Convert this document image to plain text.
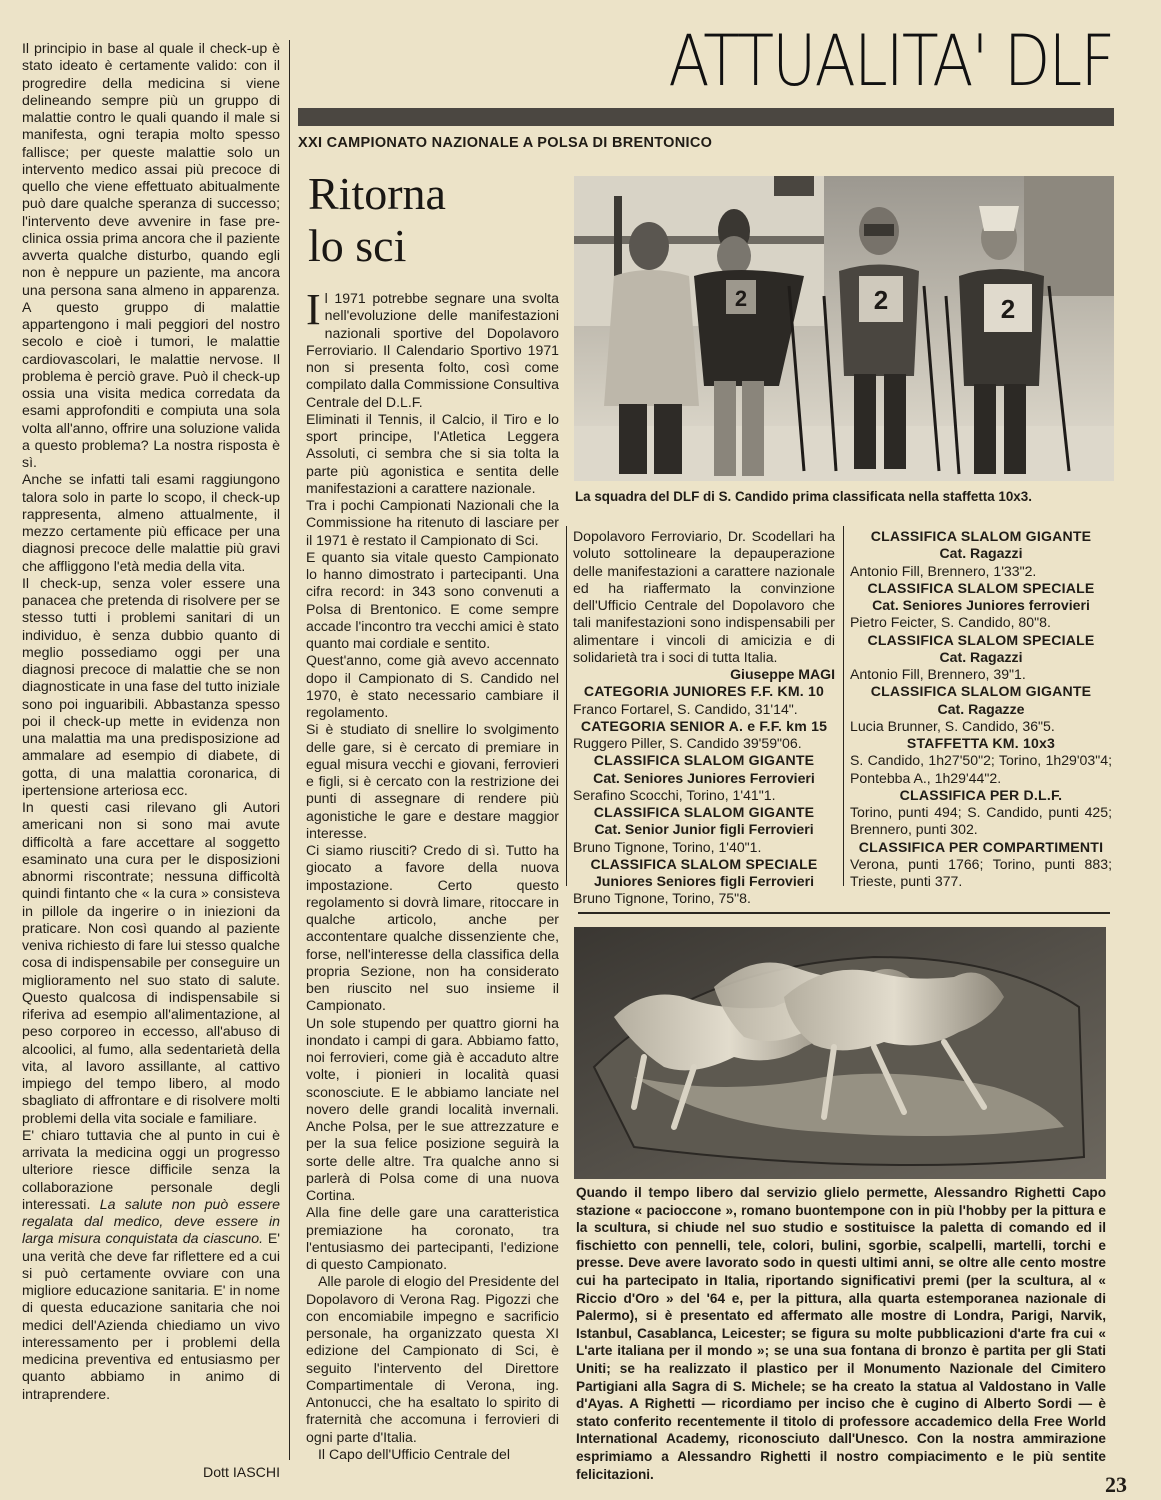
Il principio in base al quale il check-up è stato ideato è certamente valido: con il progredire della medicina si viene delineando sempre più un gruppo di malattie contro le quali quando il male si manifesta, ogni terapia molto spesso fallisce; per queste malattie solo un intervento medico assai più precoce di quello che viene effettuato abitualmente può dare qualche speranza di successo; l'intervento deve avvenire in fase pre-clinica ossia prima ancora che il paziente avverta qualche disturbo, quando egli non è neppure un paziente, ma ancora una persona sana almeno in apparenza. A questo gruppo di malattie appartengono i mali peggiori del nostro secolo e cioè i tumori, le malattie cardiovascolari, le malattie nervose. Il problema è perciò grave. Può il check-up ossia una visita medica corredata da esami approfonditi e compiuta una sola volta all'anno, offrire una soluzione valida a questo problema? La nostra risposta è sì.

Anche se infatti tali esami raggiungono talora solo in parte lo scopo, il check-up rappresenta, almeno attualmente, il mezzo certamente più efficace per una diagnosi precoce delle malattie più gravi che affliggono l'età media della vita.

Il check-up, senza voler essere una panacea che pretenda di risolvere per se stesso tutti i problemi sanitari di un individuo, è senza dubbio quanto di meglio possediamo oggi per una diagnosi precoce di malattie che se non diagnosticate in una fase del tutto iniziale sono poi inguaribili. Abbastanza spesso poi il check-up mette in evidenza non una malattia ma una predisposizione ad ammalare ad esempio di diabete, di gotta, di una malattia coronarica, di ipertensione arteriosa ecc.

In questi casi rilevano gli Autori americani non si sono mai avute difficoltà a fare accettare al soggetto esaminato una cura per le disposizioni abnormi riscontrate; nessuna difficoltà quindi fintanto che « la cura » consisteva in pillole da ingerire o in iniezioni da praticare. Non così quando al paziente veniva richiesto di fare lui stesso qualche cosa di indispensabile per conseguire un miglioramento nel suo stato di salute. Questo qualcosa di indispensabile si riferiva ad esempio all'alimentazione, al peso corporeo in eccesso, all'abuso di alcoolici, al fumo, alla sedentarietà della vita, al lavoro assillante, al cattivo impiego del tempo libero, al modo sbagliato di affrontare e di risolvere molti problemi della vita sociale e familiare.

E' chiaro tuttavia che al punto in cui è arrivata la medicina oggi un progresso ulteriore riesce difficile senza la collaborazione personale degli interessati. La salute non può essere regalata dal medico, deve essere in larga misura conquistata da ciascuno. E' una verità che deve far riflettere ed a cui si può certamente ovviare con una migliore educazione sanitaria. E' in nome di questa educazione sanitaria che noi medici dell'Azienda chiediamo un vivo interessamento per i problemi della medicina preventiva ed entusiasmo per quanto abbiamo in animo di intraprendere.

Dott IASCHI

ATTUALITA' DLF
XXI CAMPIONATO NAZIONALE A POLSA DI BRENTONICO
Ritorna
lo sci

Il 1971 potrebbe segnare una svolta nell'evoluzione delle manifestazioni nazionali sportive del Dopolavoro Ferroviario. Il Calendario Sportivo 1971 non si presenta folto, così come compilato dalla Commissione Consultiva Centrale del D.L.F.

Eliminati il Tennis, il Calcio, il Tiro e lo sport principe, l'Atletica Leggera Assoluti, ci sembra che si sia tolta la parte più agonistica e sentita delle manifestazioni a carattere nazionale.

Tra i pochi Campionati Nazionali che la Commissione ha ritenuto di lasciare per il 1971 è restato il Campionato di Sci.

E quanto sia vitale questo Campionato lo hanno dimostrato i partecipanti. Una cifra record: in 343 sono convenuti a Polsa di Brentonico. E come sempre accade l'incontro tra vecchi amici è stato quanto mai cordiale e sentito.

Quest'anno, come già avevo accennato dopo il Campionato di S. Candido nel 1970, è stato necessario cambiare il regolamento.

Si è studiato di snellire lo svolgimento delle gare, si è cercato di premiare in egual misura vecchi e giovani, ferrovieri e figli, si è cercato con la restrizione dei punti di assegnare di rendere più agonistiche le gare e destare maggior interesse.

Ci siamo riusciti? Credo di sì. Tutto ha giocato a favore della nuova impostazione. Certo questo regolamento si dovrà limare, ritoccare in qualche articolo, anche per accontentare qualche dissenziente che, forse, nell'interesse della classifica della propria Sezione, non ha considerato ben riuscito nel suo insieme il Campionato.

Un sole stupendo per quattro giorni ha inondato i campi di gara. Abbiamo fatto, noi ferrovieri, come già è accaduto altre volte, i pionieri in località quasi sconosciute. E le abbiamo lanciate nel novero delle grandi località invernali. Anche Polsa, per le sue attrezzature e per la sua felice posizione seguirà la sorte delle altre. Tra qualche anno si parlerà di Polsa come di una nuova Cortina.

Alla fine delle gare una caratteristica premiazione ha coronato, tra l'entusiasmo dei partecipanti, l'edizione di questo Campionato.

Alle parole di elogio del Presidente del Dopolavoro di Verona Rag. Pigozzi che con encomiabile impegno e sacrificio personale, ha organizzato questa XI edizione del Campionato di Sci, è seguito l'intervento del Direttore Compartimentale di Verona, ing. Antonucci, che ha esaltato lo spirito di fraternità che accomuna i ferrovieri di ogni parte d'Italia.

Il Capo dell'Ufficio Centrale del

2	2
2
La squadra del DLF di S. Candido prima classificata nella staffetta 10x3.

Dopolavoro Ferroviario, Dr. Scodellari ha voluto sottolineare la depauperazione delle manifestazioni a carattere nazionale ed ha riaffermato la convinzione dell'Ufficio Centrale del Dopolavoro che tali manifestazioni sono indispensabili per alimentare i vincoli di amicizia e di solidarietà tra i soci di tutta Italia.

Giuseppe MAGI

CATEGORIA JUNIORES F.F. KM. 10
Franco Fortarel, S. Candido, 31'14".
CATEGORIA SENIOR A. e F.F. km 15
Ruggero Piller, S. Candido 39'59"06.
CLASSIFICA SLALOM GIGANTE
Cat. Seniores Juniores Ferrovieri
Serafino Scocchi, Torino, 1'41"1.
CLASSIFICA SLALOM GIGANTE
Cat. Senior Junior figli Ferrovieri
Bruno Tignone, Torino, 1'40"1.
CLASSIFICA SLALOM SPECIALE
Juniores Seniores figli Ferrovieri
Bruno Tignone, Torino, 75"8.
CLASSIFICA SLALOM GIGANTE
Cat. Ragazzi
Antonio Fill, Brennero, 1'33"2.
CLASSIFICA SLALOM SPECIALE
Cat. Seniores Juniores ferrovieri
Pietro Feicter, S. Candido, 80"8.
CLASSIFICA SLALOM SPECIALE
Cat. Ragazzi
Antonio Fill, Brennero, 39"1.
CLASSIFICA SLALOM GIGANTE
Cat. Ragazze
Lucia Brunner, S. Candido, 36"5.
STAFFETTA KM. 10x3
S. Candido, 1h27'50"2; Torino, 1h29'03"4; Pontebba A., 1h29'44"2.
CLASSIFICA PER D.L.F.
Torino, punti 494; S. Candido, punti 425; Brennero, punti 302.
CLASSIFICA PER COMPARTIMENTI
Verona, punti 1766; Torino, punti 883; Trieste, punti 377.
Quando il tempo libero dal servizio glielo permette, Alessandro Righetti Capo stazione « pacioccone », romano buontempone con in più l'hobby per la pittura e la scultura, si chiude nel suo studio e sostituisce la paletta di comando ed il fischietto con pennelli, tele, colori, bulini, sgorbie, scalpelli, martelli, torchi e presse. Deve avere lavorato sodo in questi ultimi anni, se oltre alle cento mostre cui ha partecipato in Italia, riportando significativi premi (per la scultura, al « Riccio d'Oro » del '64 e, per la pittura, alla quarta estemporanea nazionale di Palermo), si è presentato ed affermato alle mostre di Londra, Parigi, Narvik, Istanbul, Casablanca, Leicester; se figura su molte pubblicazioni d'arte fra cui « L'arte italiana per il mondo »; se una sua fontana di bronzo è partita per gli Stati Uniti; se ha realizzato il plastico per il Monumento Nazionale del Cimitero Partigiani alla Sagra di S. Michele; se ha creato la statua al Valdostano in Valle d'Ayas. A Righetti — ricordiamo per inciso che è cugino di Alberto Sordi — è stato conferito recentemente il titolo di professore accademico della Free World International Academy, riconosciuto dall'Unesco. Con la nostra ammirazione esprimiamo a Alessandro Righetti il nostro compiacimento e le più sentite felicitazioni.	23
